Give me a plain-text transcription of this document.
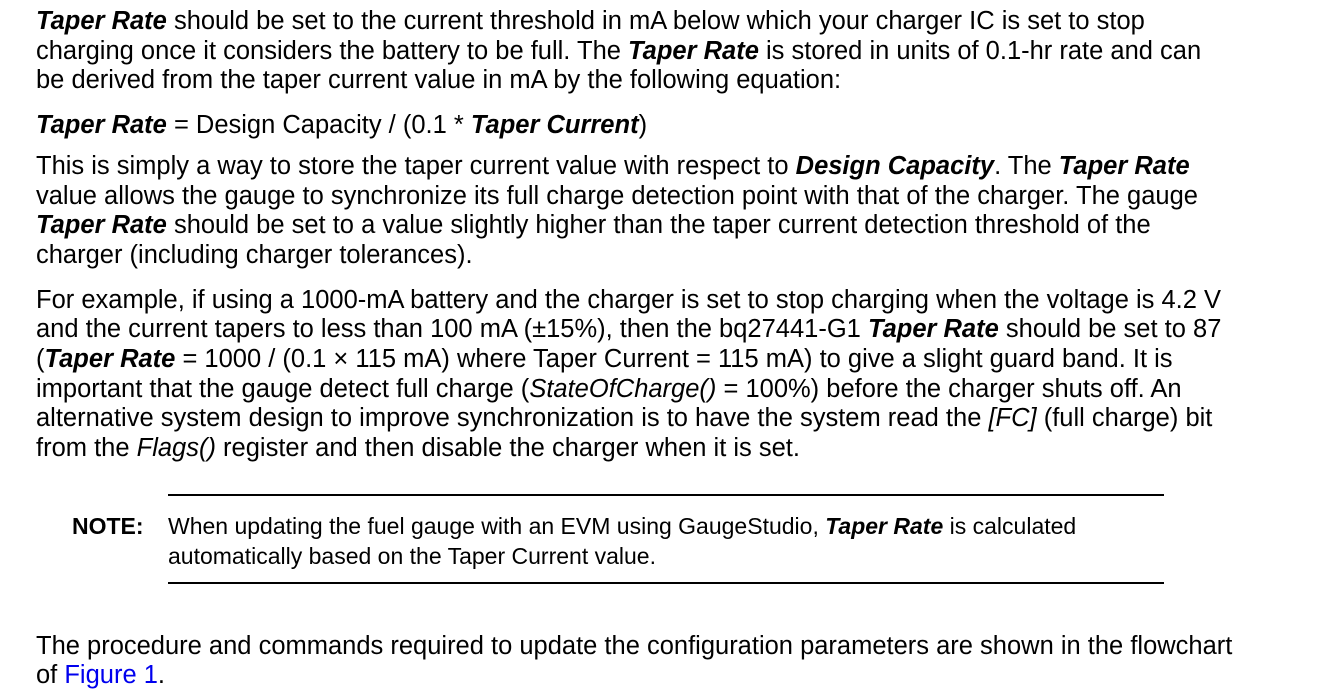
Taper Rate should be set to the current threshold in mA below which your charger IC is set to stop
charging once it considers the battery to be full. The Taper Rate is stored in units of 0.1-hr rate and can
be derived from the taper current value in mA by the following equation:

Taper Rate = Design Capacity / (0.1 * Taper Current)

This is simply a way to store the taper current value with respect to Design Capacity. The Taper Rate
value allows the gauge to synchronize its full charge detection point with that of the charger. The gauge
Taper Rate should be set to a value slightly higher than the taper current detection threshold of the
charger (including charger tolerances).

For example, if using a 1000-mA battery and the charger is set to stop charging when the voltage is 4.2 V
and the current tapers to less than 100 mA (±15%), then the bq27441-G1 Taper Rate should be set to 87
(Taper Rate = 1000 / (0.1 × 115 mA) where Taper Current = 115 mA) to give a slight guard band. It is
important that the gauge detect full charge (StateOfCharge() = 100%) before the charger shuts off. An
alternative system design to improve synchronization is to have the system read the [FC] (full charge) bit
from the Flags() register and then disable the charger when it is set.

NOTE: When updating the fuel gauge with an EVM using GaugeStudio, Taper Rate is calculated
automatically based on the Taper Current value.

The procedure and commands required to update the configuration parameters are shown in the flowchart
of Figure 1.
